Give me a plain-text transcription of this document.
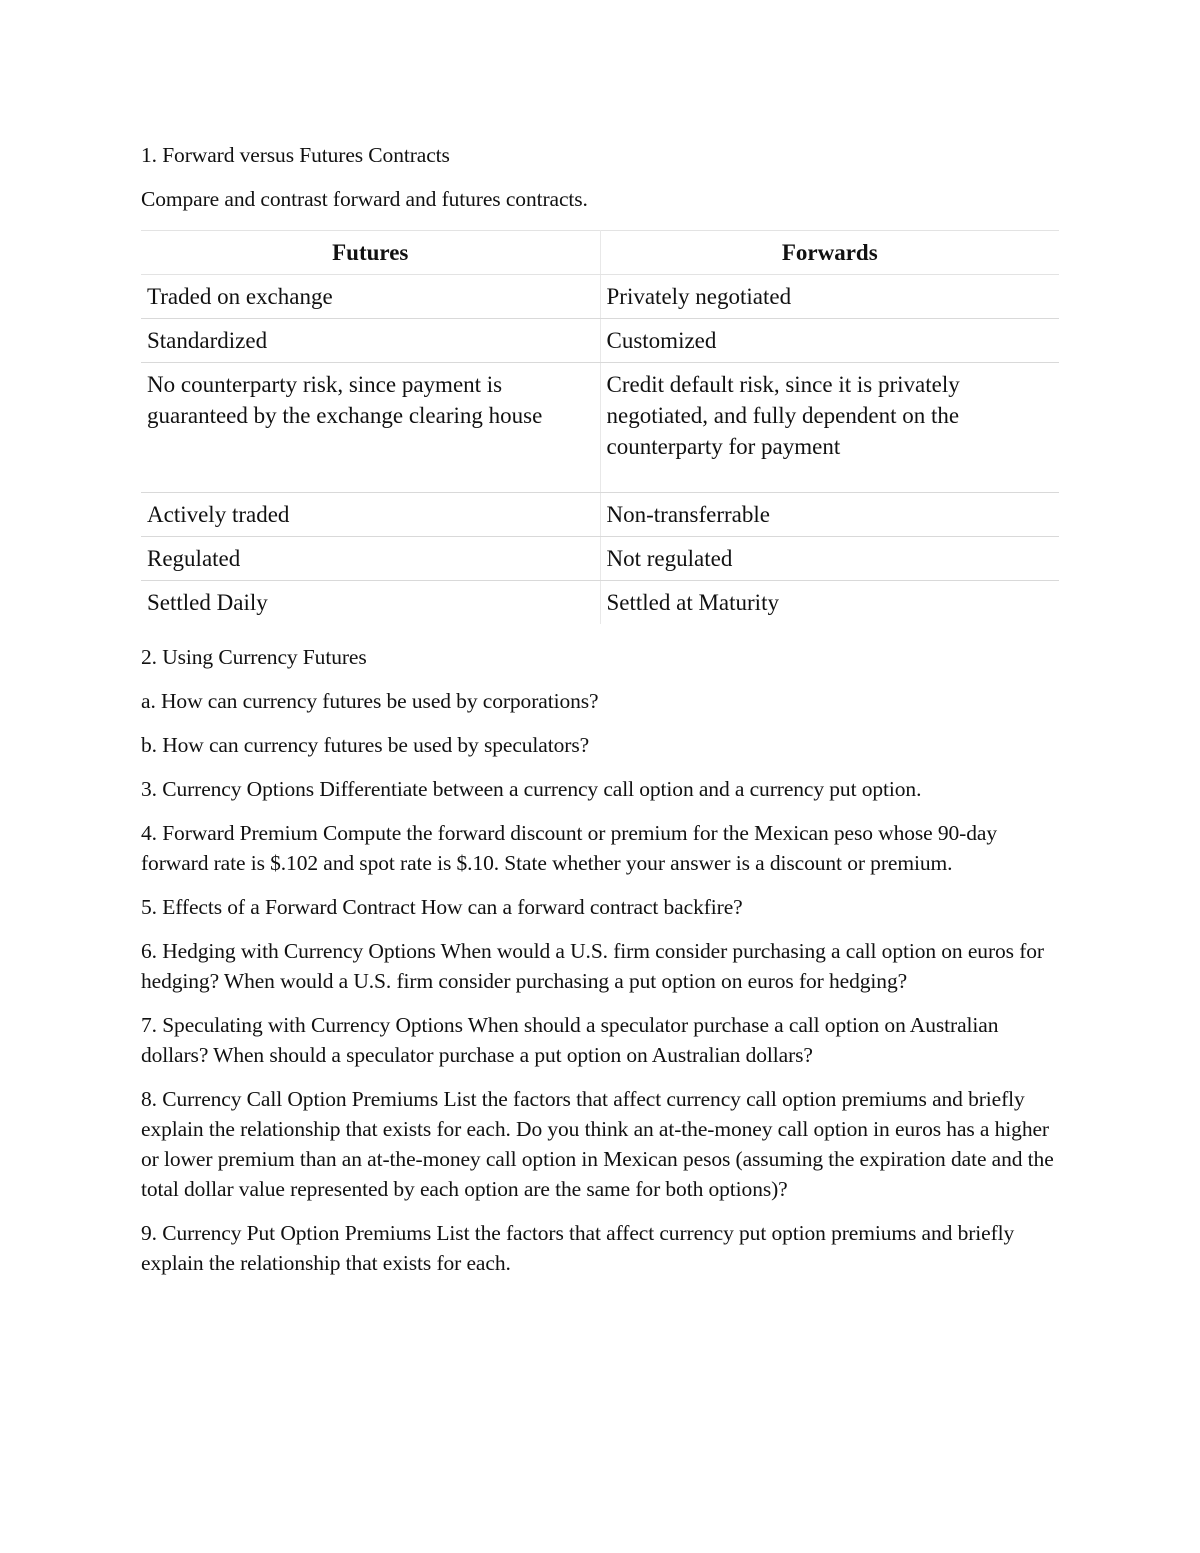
1. Forward versus Futures Contracts

Compare and contrast forward and futures contracts.

Futures	Forwards
Traded on exchange	Privately negotiated
Standardized	Customized
No counterparty risk, since payment is guaranteed by the exchange clearing house	Credit default risk, since it is privately negotiated, and fully dependent on the counterparty for payment
Actively traded	Non-transferrable
Regulated	Not regulated
Settled Daily	Settled at Maturity

2. Using Currency Futures

a. How can currency futures be used by corporations?

b. How can currency futures be used by speculators?

3. Currency Options Differentiate between a currency call option and a currency put option.

4. Forward Premium Compute the forward discount or premium for the Mexican peso whose 90-day forward rate is $.102 and spot rate is $.10. State whether your answer is a discount or premium.

5. Effects of a Forward Contract How can a forward contract backfire?

6. Hedging with Currency Options When would a U.S. firm consider purchasing a call option on euros for hedging? When would a U.S. firm consider purchasing a put option on euros for hedging?

7. Speculating with Currency Options When should a speculator purchase a call option on Australian dollars? When should a speculator purchase a put option on Australian dollars?

8. Currency Call Option Premiums List the factors that affect currency call option premiums and briefly explain the relationship that exists for each. Do you think an at-the-money call option in euros has a higher or lower premium than an at-the-money call option in Mexican pesos (assuming the expiration date and the total dollar value represented by each option are the same for both options)?

9. Currency Put Option Premiums List the factors that affect currency put option premiums and briefly explain the relationship that exists for each.
